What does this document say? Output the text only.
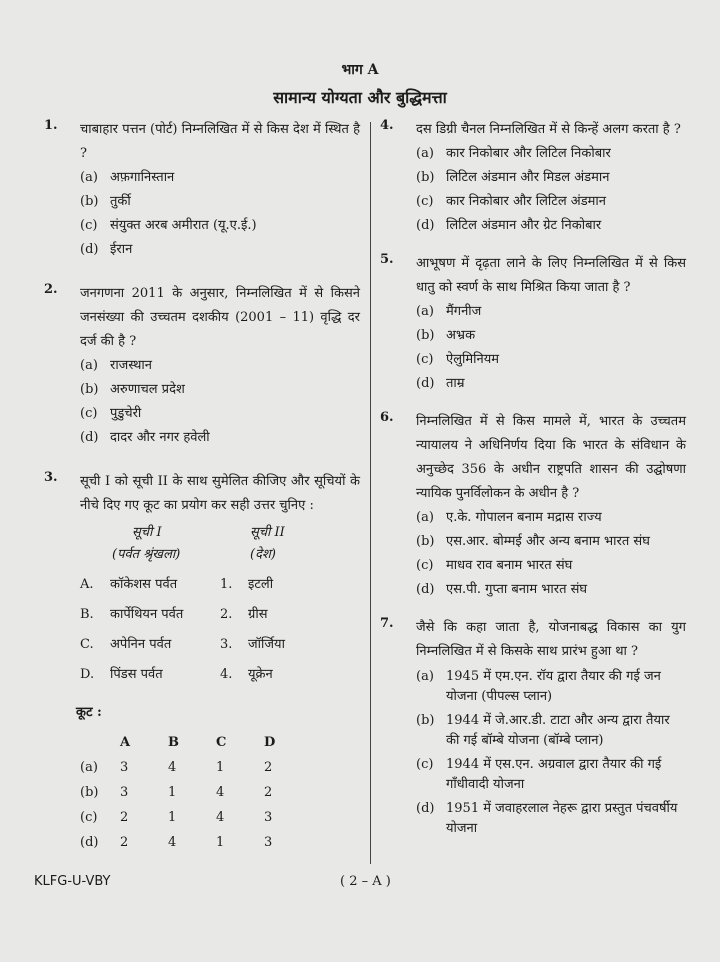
भाग A
सामान्य योग्यता और बुद्धिमत्ता
1.	चाबाहार पत्तन (पोर्ट) निम्नलिखित में से किस देश में स्थित है ?
(a) अफ़गानिस्तान
(b) तुर्की
(c) संयुक्त अरब अमीरात (यू.ए.ई.)
(d) ईरान
2.	जनगणना 2011 के अनुसार, निम्नलिखित में से किसने जनसंख्या की उच्चतम दशकीय (2001 – 11) वृद्धि दर दर्ज की है ?
(a) राजस्थान
(b) अरुणाचल प्रदेश
(c) पुडुचेरी
(d) दादर और नगर हवेली
3.	सूची I को सूची II के साथ सुमेलित कीजिए और सूचियों के नीचे दिए गए कूट का प्रयोग कर सही उत्तर चुनिए :
सूची I
(पर्वत श्रृंखला)
सूची II
(देश)
A.	कॉकेशस पर्वत	1.	इटली
B.	कार्पेथियन पर्वत	2.	ग्रीस
C.	अपेनिन पर्वत	3.	जॉर्जिया
D.	पिंडस पर्वत	4.	यूक्रेन
कूट :
	A	B	C	D
(a)	3	4	1	2
(b)	3	1	4	2
(c)	2	1	4	3
(d)	2	4	1	3
4.	दस डिग्री चैनल निम्नलिखित में से किन्हें अलग करता है ?
(a) कार निकोबार और लिटिल निकोबार
(b) लिटिल अंडमान और मिडल अंडमान
(c) कार निकोबार और लिटिल अंडमान
(d) लिटिल अंडमान और ग्रेट निकोबार
5.	आभूषण में दृढ़ता लाने के लिए निम्नलिखित में से किस धातु को स्वर्ण के साथ मिश्रित किया जाता है ?
(a) मैंगनीज
(b) अभ्रक
(c) ऐलुमिनियम
(d) ताम्र
6.	निम्नलिखित में से किस मामले में, भारत के उच्चतम न्यायालय ने अधिनिर्णय दिया कि भारत के संविधान के अनुच्छेद 356 के अधीन राष्ट्रपति शासन की उद्घोषणा न्यायिक पुनर्विलोकन के अधीन है ?
(a) ए.के. गोपालन बनाम मद्रास राज्य
(b) एस.आर. बोम्मई और अन्य बनाम भारत संघ
(c) माधव राव बनाम भारत संघ
(d) एस.पी. गुप्ता बनाम भारत संघ
7.	जैसे कि कहा जाता है, योजनाबद्ध विकास का युग निम्नलिखित में से किसके साथ प्रारंभ हुआ था ?
(a) 1945 में एम.एन. रॉय द्वारा तैयार की गई जन योजना (पीपल्स प्लान)
(b) 1944 में जे.आर.डी. टाटा और अन्य द्वारा तैयार की गई बॉम्बे योजना (बॉम्बे प्लान)
(c) 1944 में एस.एन. अग्रवाल द्वारा तैयार की गई गाँधीवादी योजना
(d) 1951 में जवाहरलाल नेहरू द्वारा प्रस्तुत पंचवर्षीय योजना
KLFG-U-VBY	( 2 – A )
